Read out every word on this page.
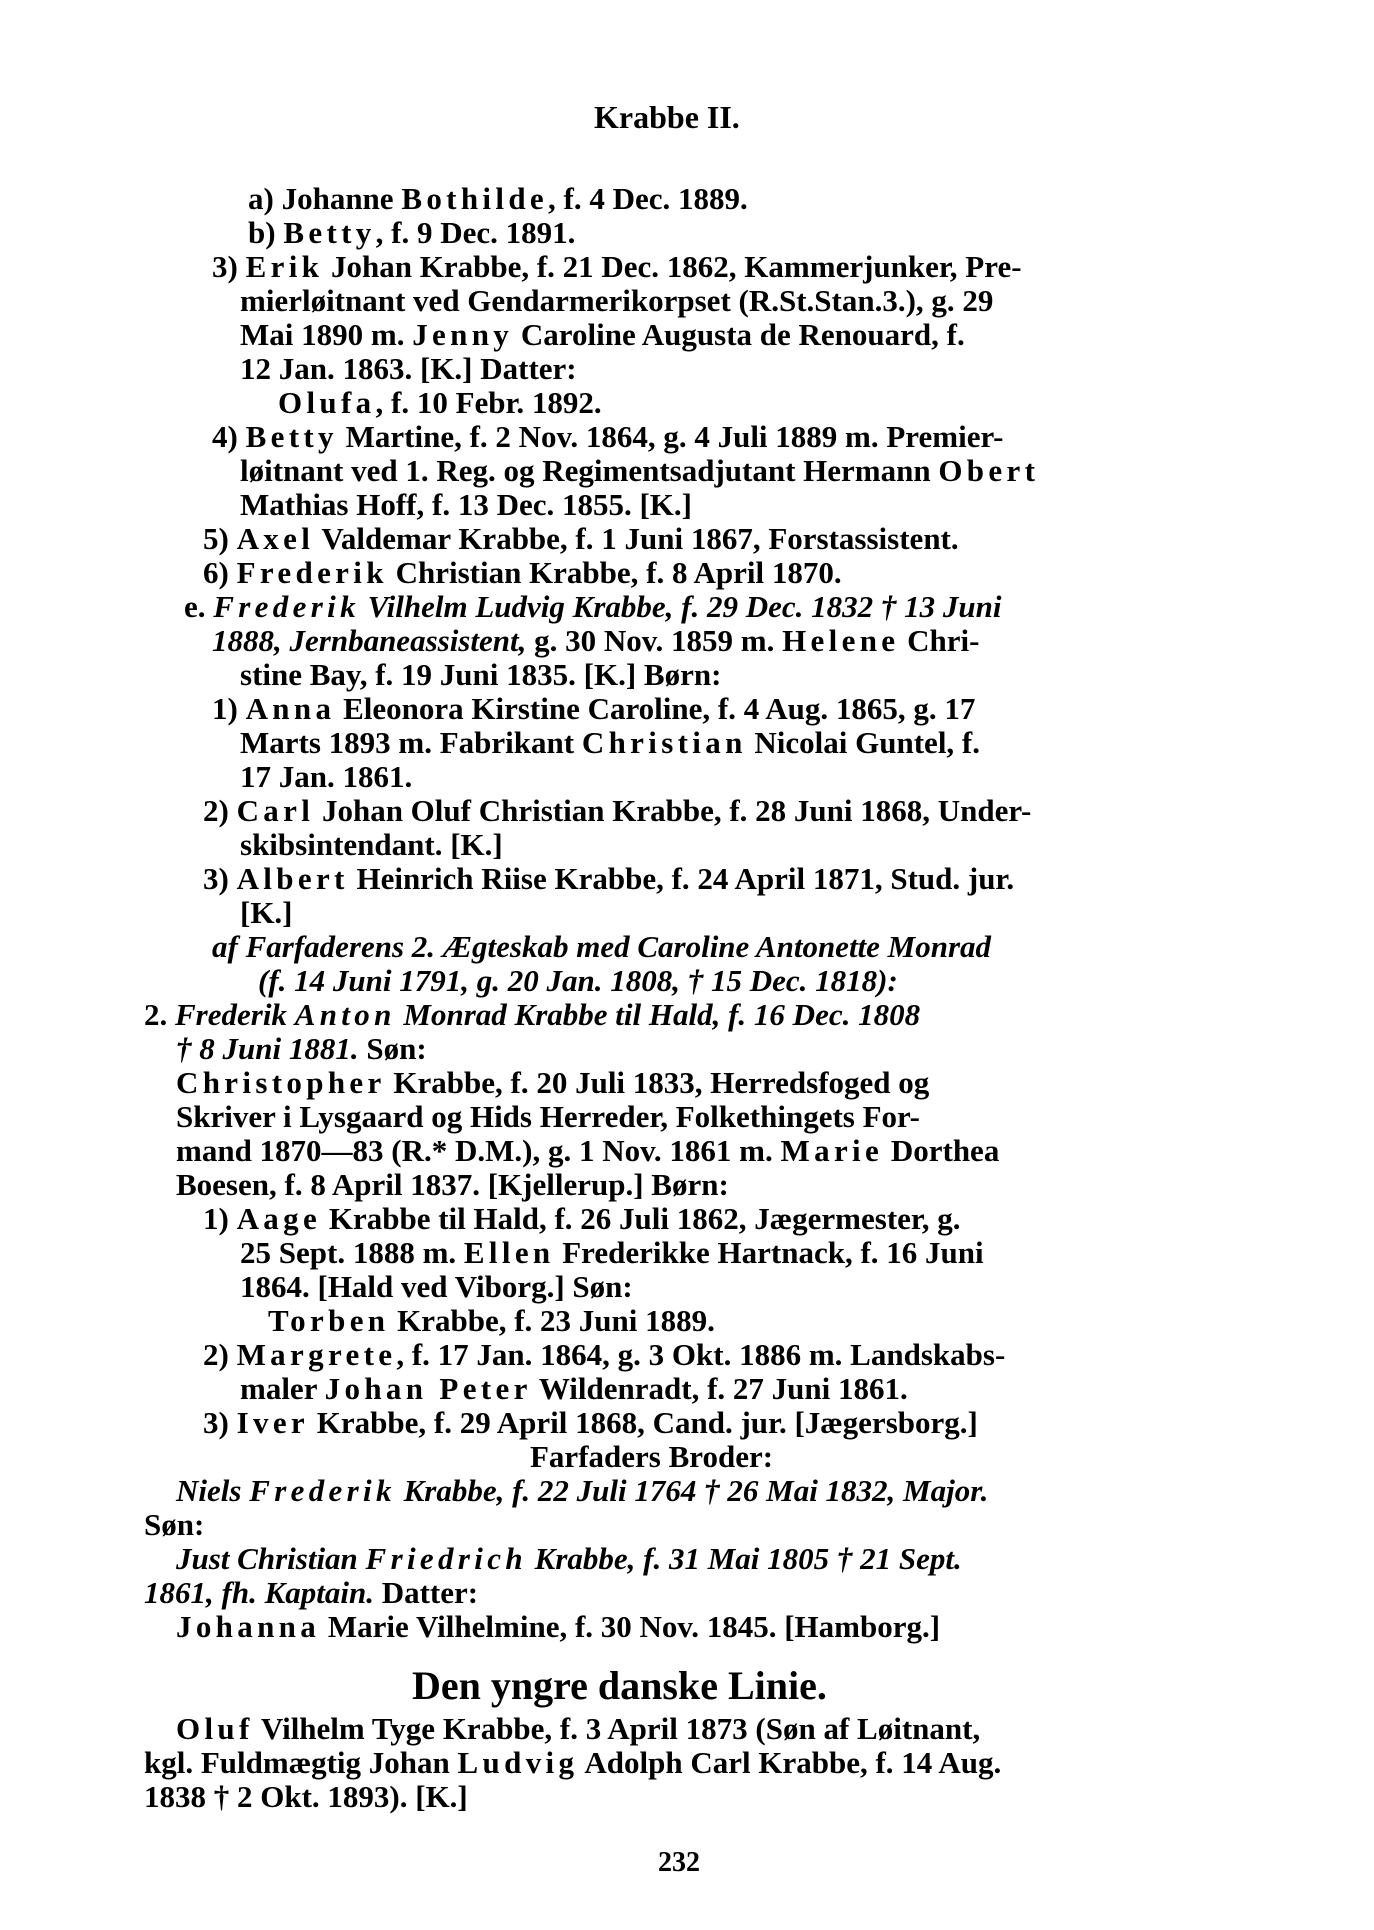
Krabbe II.
a) Johanne Bothilde, f. 4 Dec. 1889.
b) Betty, f. 9 Dec. 1891.
3) Erik Johan Krabbe, f. 21 Dec. 1862, Kammerjunker, Pre-
mierløitnant ved Gendarmerikorpset (R.St.Stan.3.), g. 29
Mai 1890 m. Jenny Caroline Augusta de Renouard, f.
12 Jan. 1863. [K.] Datter:
Olufa, f. 10 Febr. 1892.
4) Betty Martine, f. 2 Nov. 1864, g. 4 Juli 1889 m. Premier-
løitnant ved 1. Reg. og Regimentsadjutant Hermann Obert
Mathias Hoff, f. 13 Dec. 1855. [K.]
5) Axel Valdemar Krabbe, f. 1 Juni 1867, Forstassistent.
6) Frederik Christian Krabbe, f. 8 April 1870.
e. Frederik Vilhelm Ludvig Krabbe, f. 29 Dec. 1832 † 13 Juni
1888, Jernbaneassistent, g. 30 Nov. 1859 m. Helene Chri-
stine Bay, f. 19 Juni 1835. [K.] Børn:
1) Anna Eleonora Kirstine Caroline, f. 4 Aug. 1865, g. 17
Marts 1893 m. Fabrikant Christian Nicolai Guntel, f.
17 Jan. 1861.
2) Carl Johan Oluf Christian Krabbe, f. 28 Juni 1868, Under-
skibsintendant. [K.]
3) Albert Heinrich Riise Krabbe, f. 24 April 1871, Stud. jur.
[K.]
af Farfaderens 2. Ægteskab med Caroline Antonette Monrad
(f. 14 Juni 1791, g. 20 Jan. 1808, † 15 Dec. 1818):
2. Frederik Anton Monrad Krabbe til Hald, f. 16 Dec. 1808
† 8 Juni 1881. Søn:
Christopher Krabbe, f. 20 Juli 1833, Herredsfoged og
Skriver i Lysgaard og Hids Herreder, Folkethingets For-
mand 1870—83 (R.* D.M.), g. 1 Nov. 1861 m. Marie Dorthea
Boesen, f. 8 April 1837. [Kjellerup.] Børn:
1) Aage Krabbe til Hald, f. 26 Juli 1862, Jægermester, g.
25 Sept. 1888 m. Ellen Frederikke Hartnack, f. 16 Juni
1864. [Hald ved Viborg.] Søn:
Torben Krabbe, f. 23 Juni 1889.
2) Margrete, f. 17 Jan. 1864, g. 3 Okt. 1886 m. Landskabs-
maler Johan Peter Wildenradt, f. 27 Juni 1861.
3) Iver Krabbe, f. 29 April 1868, Cand. jur. [Jægersborg.]
Farfaders Broder:
Niels Frederik Krabbe, f. 22 Juli 1764 † 26 Mai 1832, Major.
Søn:
Just Christian Friedrich Krabbe, f. 31 Mai 1805 † 21 Sept.
1861, fh. Kaptain. Datter:
Johanna Marie Vilhelmine, f. 30 Nov. 1845. [Hamborg.]
Den yngre danske Linie.
Oluf Vilhelm Tyge Krabbe, f. 3 April 1873 (Søn af Løitnant,
kgl. Fuldmægtig Johan Ludvig Adolph Carl Krabbe, f. 14 Aug.
1838 † 2 Okt. 1893). [K.]
232
